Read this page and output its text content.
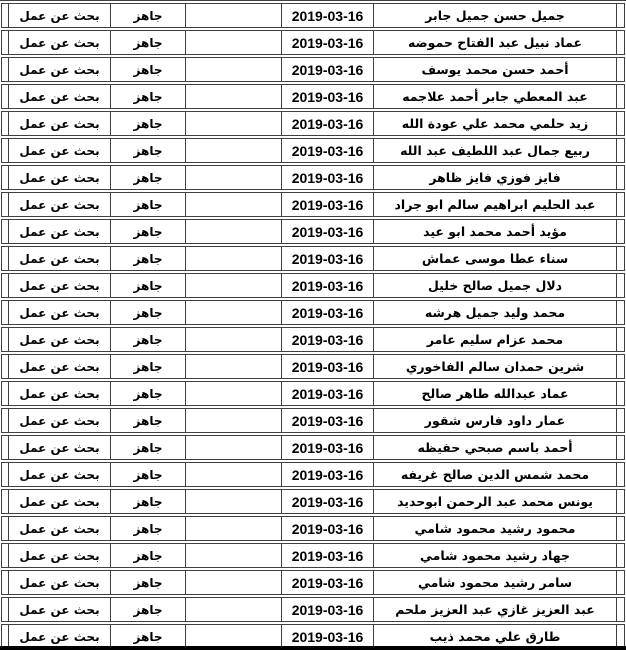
بحث عن عمل	جاهز	2019-03-16	جميل حسن جميل جابر
بحث عن عمل	جاهز	2019-03-16	عماد نبيل عبد الفتاح حموضه
بحث عن عمل	جاهز	2019-03-16	أحمد حسن محمد يوسف
بحث عن عمل	جاهز	2019-03-16	عبد المعطي جابر أحمد علاجمه
بحث عن عمل	جاهز	2019-03-16	زيد حلمي محمد علي عودة الله
بحث عن عمل	جاهز	2019-03-16	ربيع جمال عبد اللطيف عبد الله
بحث عن عمل	جاهز	2019-03-16	فايز فوزي فايز ظاهر
بحث عن عمل	جاهز	2019-03-16	عبد الحليم ابراهيم سالم ابو جراد
بحث عن عمل	جاهز	2019-03-16	مؤيد أحمد محمد ابو عيد
بحث عن عمل	جاهز	2019-03-16	سناء عطا موسى عماش
بحث عن عمل	جاهز	2019-03-16	دلال جميل صالح خليل
بحث عن عمل	جاهز	2019-03-16	محمد وليد جميل هرشه
بحث عن عمل	جاهز	2019-03-16	محمد عزام سليم عامر
بحث عن عمل	جاهز	2019-03-16	شرين حمدان سالم الفاخوري
بحث عن عمل	جاهز	2019-03-16	عماد عبدالله طاهر صالح
بحث عن عمل	جاهز	2019-03-16	عمار داود فارس شقور
بحث عن عمل	جاهز	2019-03-16	أحمد باسم صبحي حفيظه
بحث عن عمل	جاهز	2019-03-16	محمد شمس الدين صالح غريفه
بحث عن عمل	جاهز	2019-03-16	يونس محمد عبد الرحمن ابوحديد
بحث عن عمل	جاهز	2019-03-16	محمود رشيد محمود شامي
بحث عن عمل	جاهز	2019-03-16	جهاد رشيد محمود شامي
بحث عن عمل	جاهز	2019-03-16	سامر رشيد محمود شامي
بحث عن عمل	جاهز	2019-03-16	عبد العزيز غازي عبد العزيز ملحم
بحث عن عمل	جاهز	2019-03-16	طارق علي محمد ذيب
